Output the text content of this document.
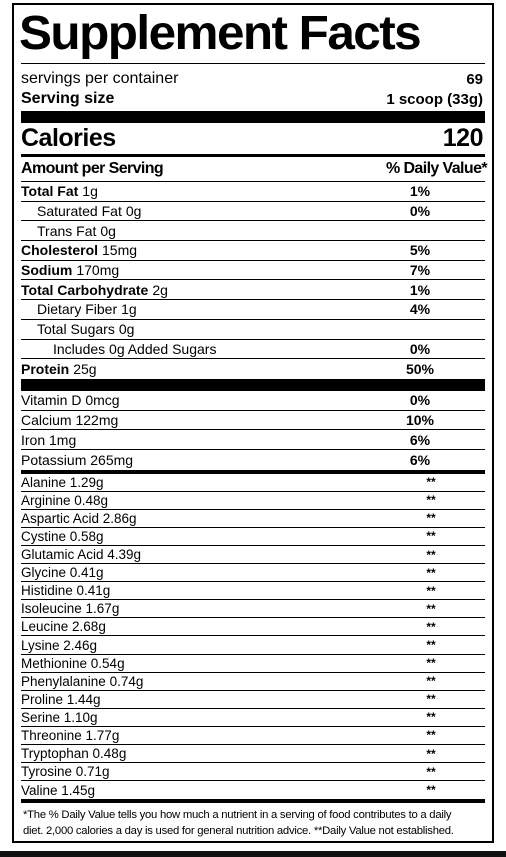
Supplement Facts
servings per container	69
Serving size	1 scoop (33g)
Calories	120
Amount per Serving	% Daily Value*
Total Fat 1g	1%
Saturated Fat 0g	0%
Trans Fat 0g
Cholesterol 15mg	5%
Sodium 170mg	7%
Total Carbohydrate 2g	1%
Dietary Fiber 1g	4%
Total Sugars 0g
Includes 0g Added Sugars	0%
Protein 25g	50%
Vitamin D 0mcg	0%
Calcium 122mg	10%
Iron 1mg	6%
Potassium 265mg	6%
Alanine 1.29g	**
Arginine 0.48g	**
Aspartic Acid 2.86g	**
Cystine 0.58g	**
Glutamic Acid 4.39g	**
Glycine 0.41g	**
Histidine 0.41g	**
Isoleucine 1.67g	**
Leucine 2.68g	**
Lysine 2.46g	**
Methionine 0.54g	**
Phenylalanine 0.74g	**
Proline 1.44g	**
Serine 1.10g	**
Threonine 1.77g	**
Tryptophan 0.48g	**
Tyrosine 0.71g	**
Valine 1.45g	**
*The % Daily Value tells you how much a nutrient in a serving of food contributes to a daily
diet. 2,000 calories a day is used for general nutrition advice. **Daily Value not established.
